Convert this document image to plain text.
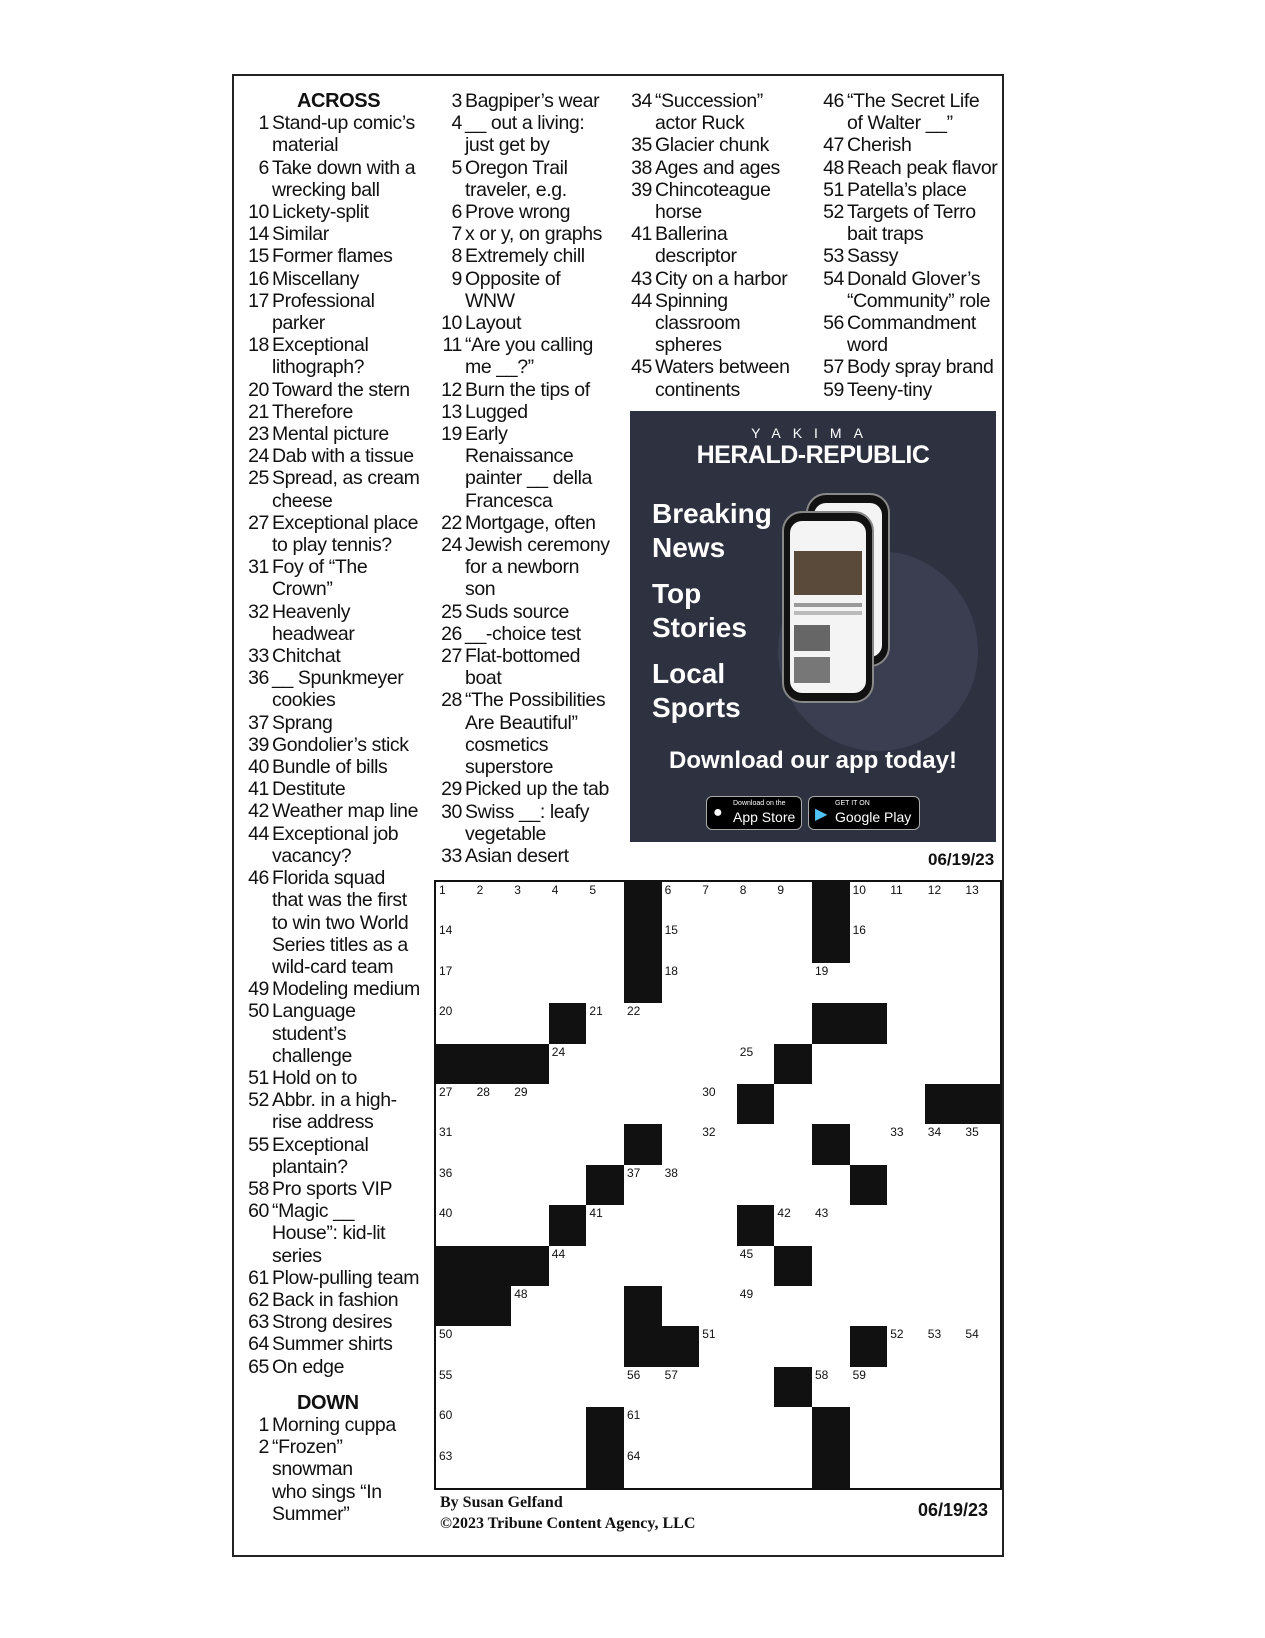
ACROSS
1 Stand-up comic’s
material
6 Take down with a
wrecking ball
10 Lickety-split
14 Similar
15 Former flames
16 Miscellany
17 Professional
parker
18 Exceptional
lithograph?
20 Toward the stern
21 Therefore
23 Mental picture
24 Dab with a tissue
25 Spread, as cream
cheese
27 Exceptional place
to play tennis?
31 Foy of “The
Crown”
32 Heavenly
headwear
33 Chitchat
36 __ Spunkmeyer
cookies
37 Sprang
39 Gondolier’s stick
40 Bundle of bills
41 Destitute
42 Weather map line
44 Exceptional job
vacancy?
46 Florida squad
that was the first
to win two World
Series titles as a
wild-card team
49 Modeling medium
50 Language
student’s
challenge
51 Hold on to
52 Abbr. in a high-
rise address
55 Exceptional
plantain?
58 Pro sports VIP
60 “Magic __
House”: kid-lit
series
61 Plow-pulling team
62 Back in fashion
63 Strong desires
64 Summer shirts
65 On edge
DOWN
1 Morning cuppa
2 “Frozen”
snowman
who sings “In
Summer”
3 Bagpiper’s wear
4 __ out a living:
just get by
5 Oregon Trail
traveler, e.g.
6 Prove wrong
7 x or y, on graphs
8 Extremely chill
9 Opposite of
WNW
10 Layout
11 “Are you calling
me __?”
12 Burn the tips of
13 Lugged
19 Early
Renaissance
painter __ della
Francesca
22 Mortgage, often
24 Jewish ceremony
for a newborn
son
25 Suds source
26 __-choice test
27 Flat-bottomed
boat
28 “The Possibilities
Are Beautiful”
cosmetics
superstore
29 Picked up the tab
30 Swiss __: leafy
vegetable
33 Asian desert
34 “Succession”
actor Ruck
35 Glacier chunk
38 Ages and ages
39 Chincoteague
horse
41 Ballerina
descriptor
43 City on a harbor
44 Spinning
classroom
spheres
45 Waters between
continents
46 “The Secret Life
of Walter __”
47 Cherish
48 Reach peak flavor
51 Patella’s place
52 Targets of Terro
bait traps
53 Sassy
54 Donald Glover’s
“Community” role
56 Commandment
word
57 Body spray brand
59 Teeny-tiny
YAKIMA
HERALD-REPUBLIC
Breaking
News
Top
Stories
Local
Sports
Download our app today!
●
Download on the
App Store ▶
GET IT ON
Google Play
06/19/23
1	2	3	4	5	6	7	8	9	10 11 12 13
14	15	16
17	18	19
20	21 22
24	25
27 28 29	30
31	32	33 34 35
36	37 38
40	41	42 43
44	45
48	49
50	51	52 53 54
55	56 57	58 59
60	61
63	64
By Susan Gelfand
©2023 Tribune Content Agency, LLC
06/19/23
